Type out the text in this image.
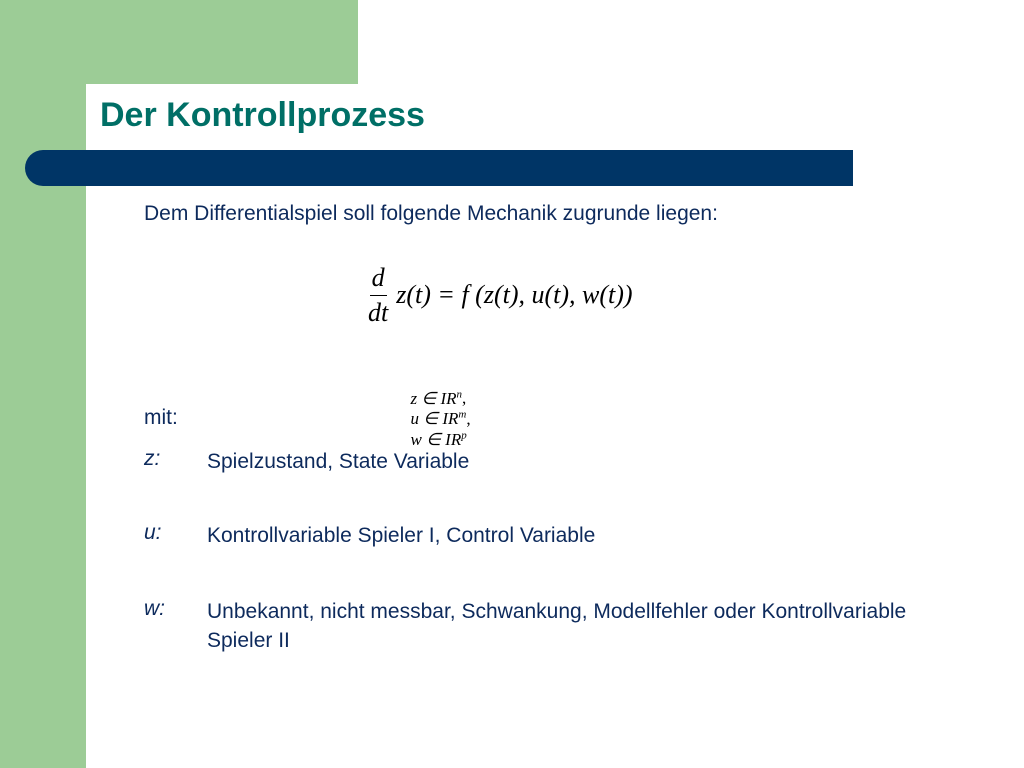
Der Kontrollprozess

Dem Differentialspiel soll folgende Mechanik zugrunde liegen:

$\frac{d}{dt} z(t) = f$ (z(t), u(t), w(t))

z ∈ $IR^n$,
u ∈ $IR^m$,
w ∈ $IR^p$

mit:

z: Spielzustand, State Variable
u: Kontrollvariable Spieler I, Control Variable
w: Unbekannt, nicht messbar, Schwankung, Modellfehler oder Kontrollvariable Spieler II
